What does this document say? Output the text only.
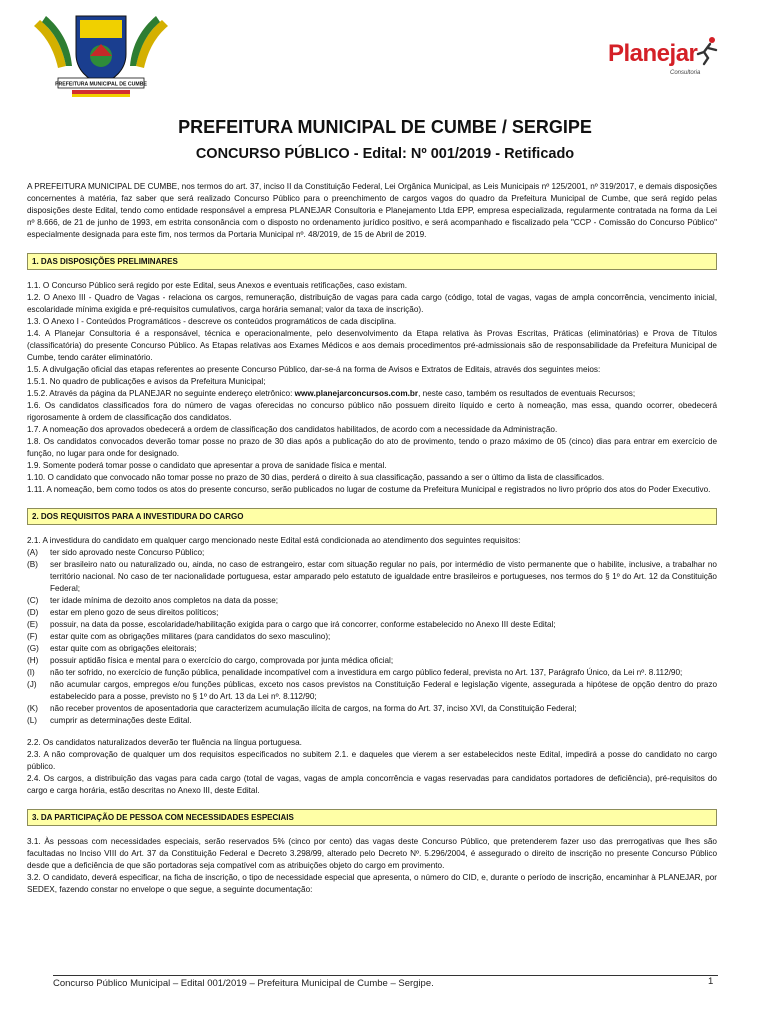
PREFEITURA MUNICIPAL DE CUMBE
Planejar
Consultoria
PREFEITURA MUNICIPAL DE CUMBE / SERGIPE
CONCURSO PÚBLICO - Edital: Nº 001/2019 - Retificado

A PREFEITURA MUNICIPAL DE CUMBE, nos termos do art. 37, inciso II da Constituição Federal, Lei Orgânica Municipal, as Leis Municipais nº 125/2001, nº 319/2017, e demais disposições concernentes à matéria, faz saber que será realizado Concurso Público para o preenchimento de cargos vagos do quadro da Prefeitura Municipal de Cumbe, que será regido pelas disposições deste Edital, tendo como entidade responsável a empresa PLANEJAR Consultoria e Planejamento Ltda EPP, empresa especializada, regularmente contratada na forma da Lei nº 8.666, de 21 de junho de 1993, em estrita consonância com o disposto no ordenamento jurídico positivo, e será acompanhado e fiscalizado pela "CCP - Comissão do Concurso Público" especialmente designada para este fim, nos termos da Portaria Municipal nº. 48/2019, de 15 de Abril de 2019.

1. DAS DISPOSIÇÕES PRELIMINARES

1.1. O Concurso Público será regido por este Edital, seus Anexos e eventuais retificações, caso existam.

1.2. O Anexo III - Quadro de Vagas - relaciona os cargos, remuneração, distribuição de vagas para cada cargo (código, total de vagas, vagas de ampla concorrência, vencimento inicial, escolaridade mínima exigida e pré-requisitos cumulativos, carga horária semanal; valor da taxa de inscrição).

1.3. O Anexo I - Conteúdos Programáticos - descreve os conteúdos programáticos de cada disciplina.

1.4. A Planejar Consultoria é a responsável, técnica e operacionalmente, pelo desenvolvimento da Etapa relativa às Provas Escritas, Práticas (eliminatórias) e Prova de Títulos (classificatória) do presente Concurso Público. As Etapas relativas aos Exames Médicos e aos demais procedimentos pré-admissionais são de responsabilidade da Prefeitura Municipal de Cumbe, tendo caráter eliminatório.

1.5. A divulgação oficial das etapas referentes ao presente Concurso Público, dar-se-á na forma de Avisos e Extratos de Editais, através dos seguintes meios:

1.5.1. No quadro de publicações e avisos da Prefeitura Municipal;

1.5.2. Através da página da PLANEJAR no seguinte endereço eletrônico: www.planejarconcursos.com.br, neste caso, também os resultados de eventuais Recursos;

1.6. Os candidatos classificados fora do número de vagas oferecidas no concurso público não possuem direito líquido e certo à nomeação, mas essa, quando ocorrer, obedecerá rigorosamente à ordem de classificação dos candidatos.

1.7. A nomeação dos aprovados obedecerá a ordem de classificação dos candidatos habilitados, de acordo com a necessidade da Administração.

1.8. Os candidatos convocados deverão tomar posse no prazo de 30 dias após a publicação do ato de provimento, tendo o prazo máximo de 05 (cinco) dias para entrar em exercício de função, no lugar para onde for designado.

1.9. Somente poderá tomar posse o candidato que apresentar a prova de sanidade física e mental.

1.10. O candidato que convocado não tomar posse no prazo de 30 dias, perderá o direito à sua classificação, passando a ser o último da lista de classificados.

1.11. A nomeação, bem como todos os atos do presente concurso, serão publicados no lugar de costume da Prefeitura Municipal e registrados no livro próprio dos atos do Poder Executivo.

2. DOS REQUISITOS PARA A INVESTIDURA DO CARGO

2.1. A investidura do candidato em qualquer cargo mencionado neste Edital está condicionada ao atendimento dos seguintes requisitos:

(A)	ter sido aprovado neste Concurso Público;
(B)	ser brasileiro nato ou naturalizado ou, ainda, no caso de estrangeiro, estar com situação regular no país, por intermédio de visto permanente que o habilite, inclusive, a trabalhar no território nacional. No caso de ter nacionalidade portuguesa, estar amparado pelo estatuto de igualdade entre brasileiros e portugueses, nos termos do § 1º do Art. 12 da Constituição Federal;
(C)	ter idade mínima de dezoito anos completos na data da posse;
(D)	estar em pleno gozo de seus direitos políticos;
(E)	possuir, na data da posse, escolaridade/habilitação exigida para o cargo que irá concorrer, conforme estabelecido no Anexo III deste Edital;
(F)	estar quite com as obrigações militares (para candidatos do sexo masculino);
(G)	estar quite com as obrigações eleitorais;
(H)	possuir aptidão física e mental para o exercício do cargo, comprovada por junta médica oficial;
(I)	não ter sofrido, no exercício de função pública, penalidade incompatível com a investidura em cargo público federal, prevista no Art. 137, Parágrafo Único, da Lei nº. 8.112/90;
(J)	não acumular cargos, empregos e/ou funções públicas, exceto nos casos previstos na Constituição Federal e legislação vigente, assegurada a hipótese de opção dentro do prazo estabelecido para a posse, previsto no § 1º do Art. 13 da Lei nº. 8.112/90;
(K)	não receber proventos de aposentadoria que caracterizem acumulação ilícita de cargos, na forma do Art. 37, inciso XVI, da Constituição Federal;
(L)	cumprir as determinações deste Edital.

2.2. Os candidatos naturalizados deverão ter fluência na língua portuguesa.

2.3. A não comprovação de qualquer um dos requisitos especificados no subitem 2.1. e daqueles que vierem a ser estabelecidos neste Edital, impedirá a posse do candidato no cargo público.

2.4. Os cargos, a distribuição das vagas para cada cargo (total de vagas, vagas de ampla concorrência e vagas reservadas para candidatos portadores de deficiência), pré-requisitos do cargo e carga horária, estão descritas no Anexo III, deste Edital.

3. DA PARTICIPAÇÃO DE PESSOA COM NECESSIDADES ESPECIAIS

3.1. Às pessoas com necessidades especiais, serão reservados 5% (cinco por cento) das vagas deste Concurso Público, que pretenderem fazer uso das prerrogativas que lhes são facultadas no Inciso VIII do Art. 37 da Constituição Federal e Decreto 3.298/99, alterado pelo Decreto Nº. 5.296/2004, é assegurado o direito de inscrição no presente Concurso Público desde que a deficiência de que são portadoras seja compatível com as atribuições objeto do cargo em provimento.

3.2. O candidato, deverá especificar, na ficha de inscrição, o tipo de necessidade especial que apresenta, o número do CID, e, durante o período de inscrição, encaminhar à PLANEJAR, por SEDEX, fazendo constar no envelope o que segue, a seguinte documentação:

Concurso Público Municipal – Edital 001/2019 – Prefeitura Municipal de Cumbe – Sergipe.	1
